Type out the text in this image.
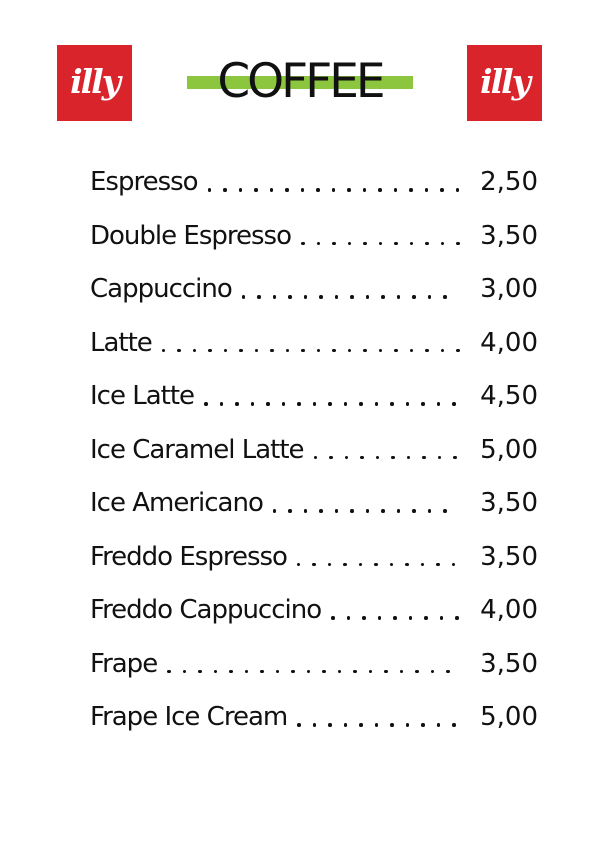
illy	COFFEE	illy
Espresso	2,50
Double Espresso	3,50
Cappuccino	3,00
Latte	4,00
Ice Latte	4,50
Ice Caramel Latte	5,00
Ice Americano	3,50
Freddo Espresso	3,50
Freddo Cappuccino	4,00
Frape	3,50
Frape Ice Cream	5,00
